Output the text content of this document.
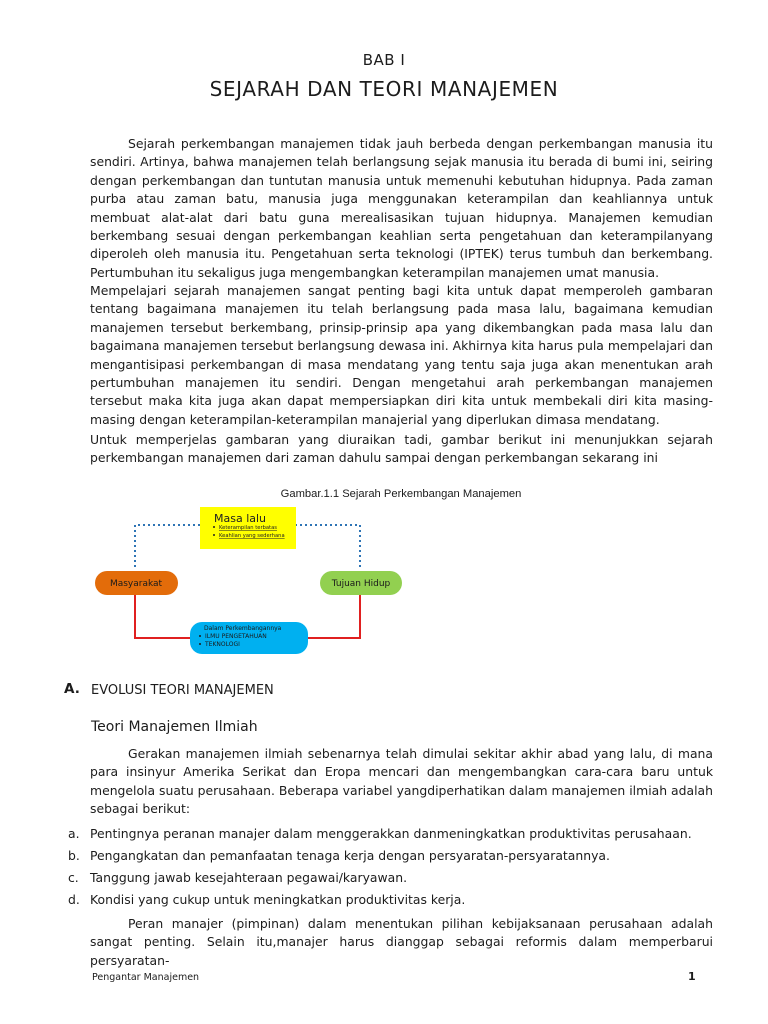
BAB I
SEJARAH DAN TEORI MANAJEMEN

Sejarah perkembangan manajemen tidak jauh berbeda dengan perkembangan manusia itu sendiri. Artinya, bahwa manajemen telah berlangsung sejak manusia itu berada di bumi ini, seiring dengan perkembangan dan tuntutan manusia untuk memenuhi kebutuhan hidupnya. Pada zaman purba atau zaman batu, manusia juga menggunakan keterampilan dan keahliannya untuk membuat alat-alat dari batu guna merealisasikan tujuan hidupnya. Manajemen kemudian berkembang sesuai dengan perkembangan keahlian serta pengetahuan dan keterampilanyang diperoleh oleh manusia itu. Pengetahuan serta teknologi (IPTEK) terus tumbuh dan berkembang. Pertumbuhan itu sekaligus juga mengembangkan keterampilan manajemen umat manusia.

Mempelajari sejarah manajemen sangat penting bagi kita untuk dapat memperoleh gambaran tentang bagaimana manajemen itu telah berlangsung pada masa lalu, bagaimana kemudian manajemen tersebut berkembang, prinsip-prinsip apa yang dikembangkan pada masa lalu dan bagaimana manajemen tersebut berlangsung dewasa ini. Akhirnya kita harus pula mempelajari dan mengantisipasi perkembangan di masa mendatang yang tentu saja juga akan menentukan arah pertumbuhan manajemen itu sendiri. Dengan mengetahui arah perkembangan manajemen tersebut maka kita juga akan dapat mempersiapkan diri kita untuk membekali diri kita masing-masing dengan keterampilan-keterampilan manajerial yang diperlukan dimasa mendatang.

Untuk memperjelas gambaran yang diuraikan tadi, gambar berikut ini menunjukkan sejarah perkembangan manajemen dari zaman dahulu sampai dengan perkembangan sekarang ini

Gambar.1.1 Sejarah Perkembangan Manajemen
Masa lalu
Keterampilan terbatas
Keahlian yang sederhana
Masyarakat	Tujuan Hidup
Dalam Perkembangannya
ILMU PENGETAHUAN
TEKNOLOGI
A. EVOLUSI TEORI MANAJEMEN
Teori Manajemen Ilmiah

Gerakan manajemen ilmiah sebenarnya telah dimulai sekitar akhir abad yang lalu, di mana para insinyur Amerika Serikat dan Eropa mencari dan mengembangkan cara-cara baru untuk mengelola suatu perusahaan. Beberapa variabel yangdiperhatikan dalam manajemen ilmiah adalah sebagai berikut:

a. Pentingnya peranan manajer dalam menggerakkan danmeningkatkan produktivitas perusahaan.
b. Pengangkatan dan pemanfaatan tenaga kerja dengan persyaratan-persyaratannya.
c. Tanggung jawab kesejahteraan pegawai/karyawan.
d. Kondisi yang cukup untuk meningkatkan produktivitas kerja.

Peran manajer (pimpinan) dalam menentukan pilihan kebijaksanaan perusahaan adalah sangat penting. Selain itu,manajer harus dianggap sebagai reformis dalam memperbarui persyaratan-

Pengantar Manajemen	1
